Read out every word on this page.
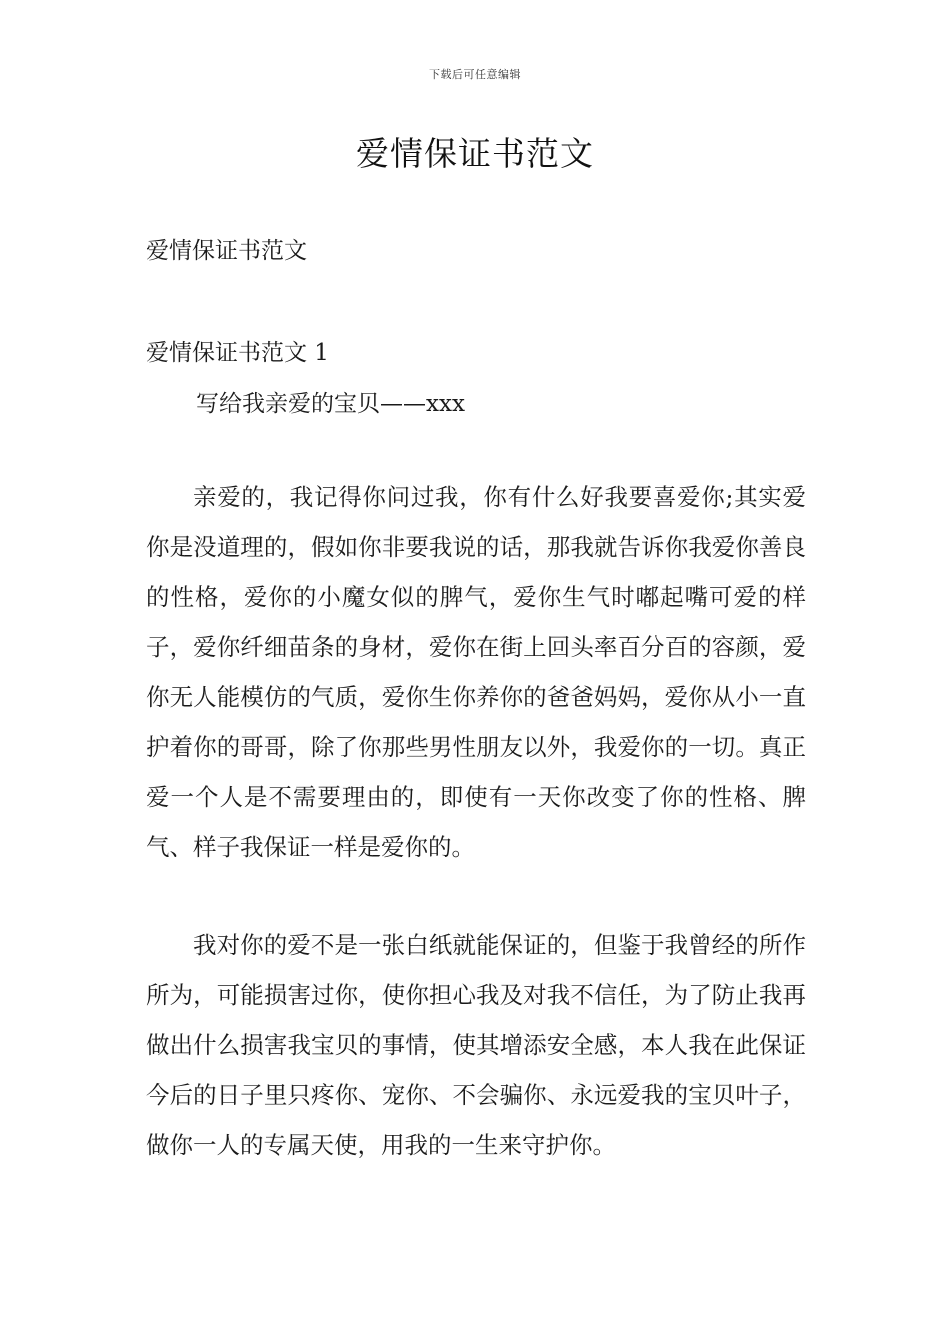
下载后可任意编辑
爱情保证书范文

爱情保证书范文

爱情保证书范文 1

写给我亲爱的宝贝——xxx

亲爱的，我记得你问过我，你有什么好我要喜爱你;其实爱你是没道理的，假如你非要我说的话，那我就告诉你我爱你善良的性格，爱你的小魔女似的脾气，爱你生气时嘟起嘴可爱的样子，爱你纤细苗条的身材，爱你在街上回头率百分百的容颜，爱你无人能模仿的气质，爱你生你养你的爸爸妈妈，爱你从小一直护着你的哥哥，除了你那些男性朋友以外，我爱你的一切。真正爱一个人是不需要理由的，即使有一天你改变了你的性格、脾气、样子我保证一样是爱你的。

我对你的爱不是一张白纸就能保证的，但鉴于我曾经的所作所为，可能损害过你，使你担心我及对我不信任，为了防止我再做出什么损害我宝贝的事情，使其增添安全感，本人我在此保证今后的日子里只疼你、宠你、不会骗你、永远爱我的宝贝叶子，做你一人的专属天使，用我的一生来守护你。
